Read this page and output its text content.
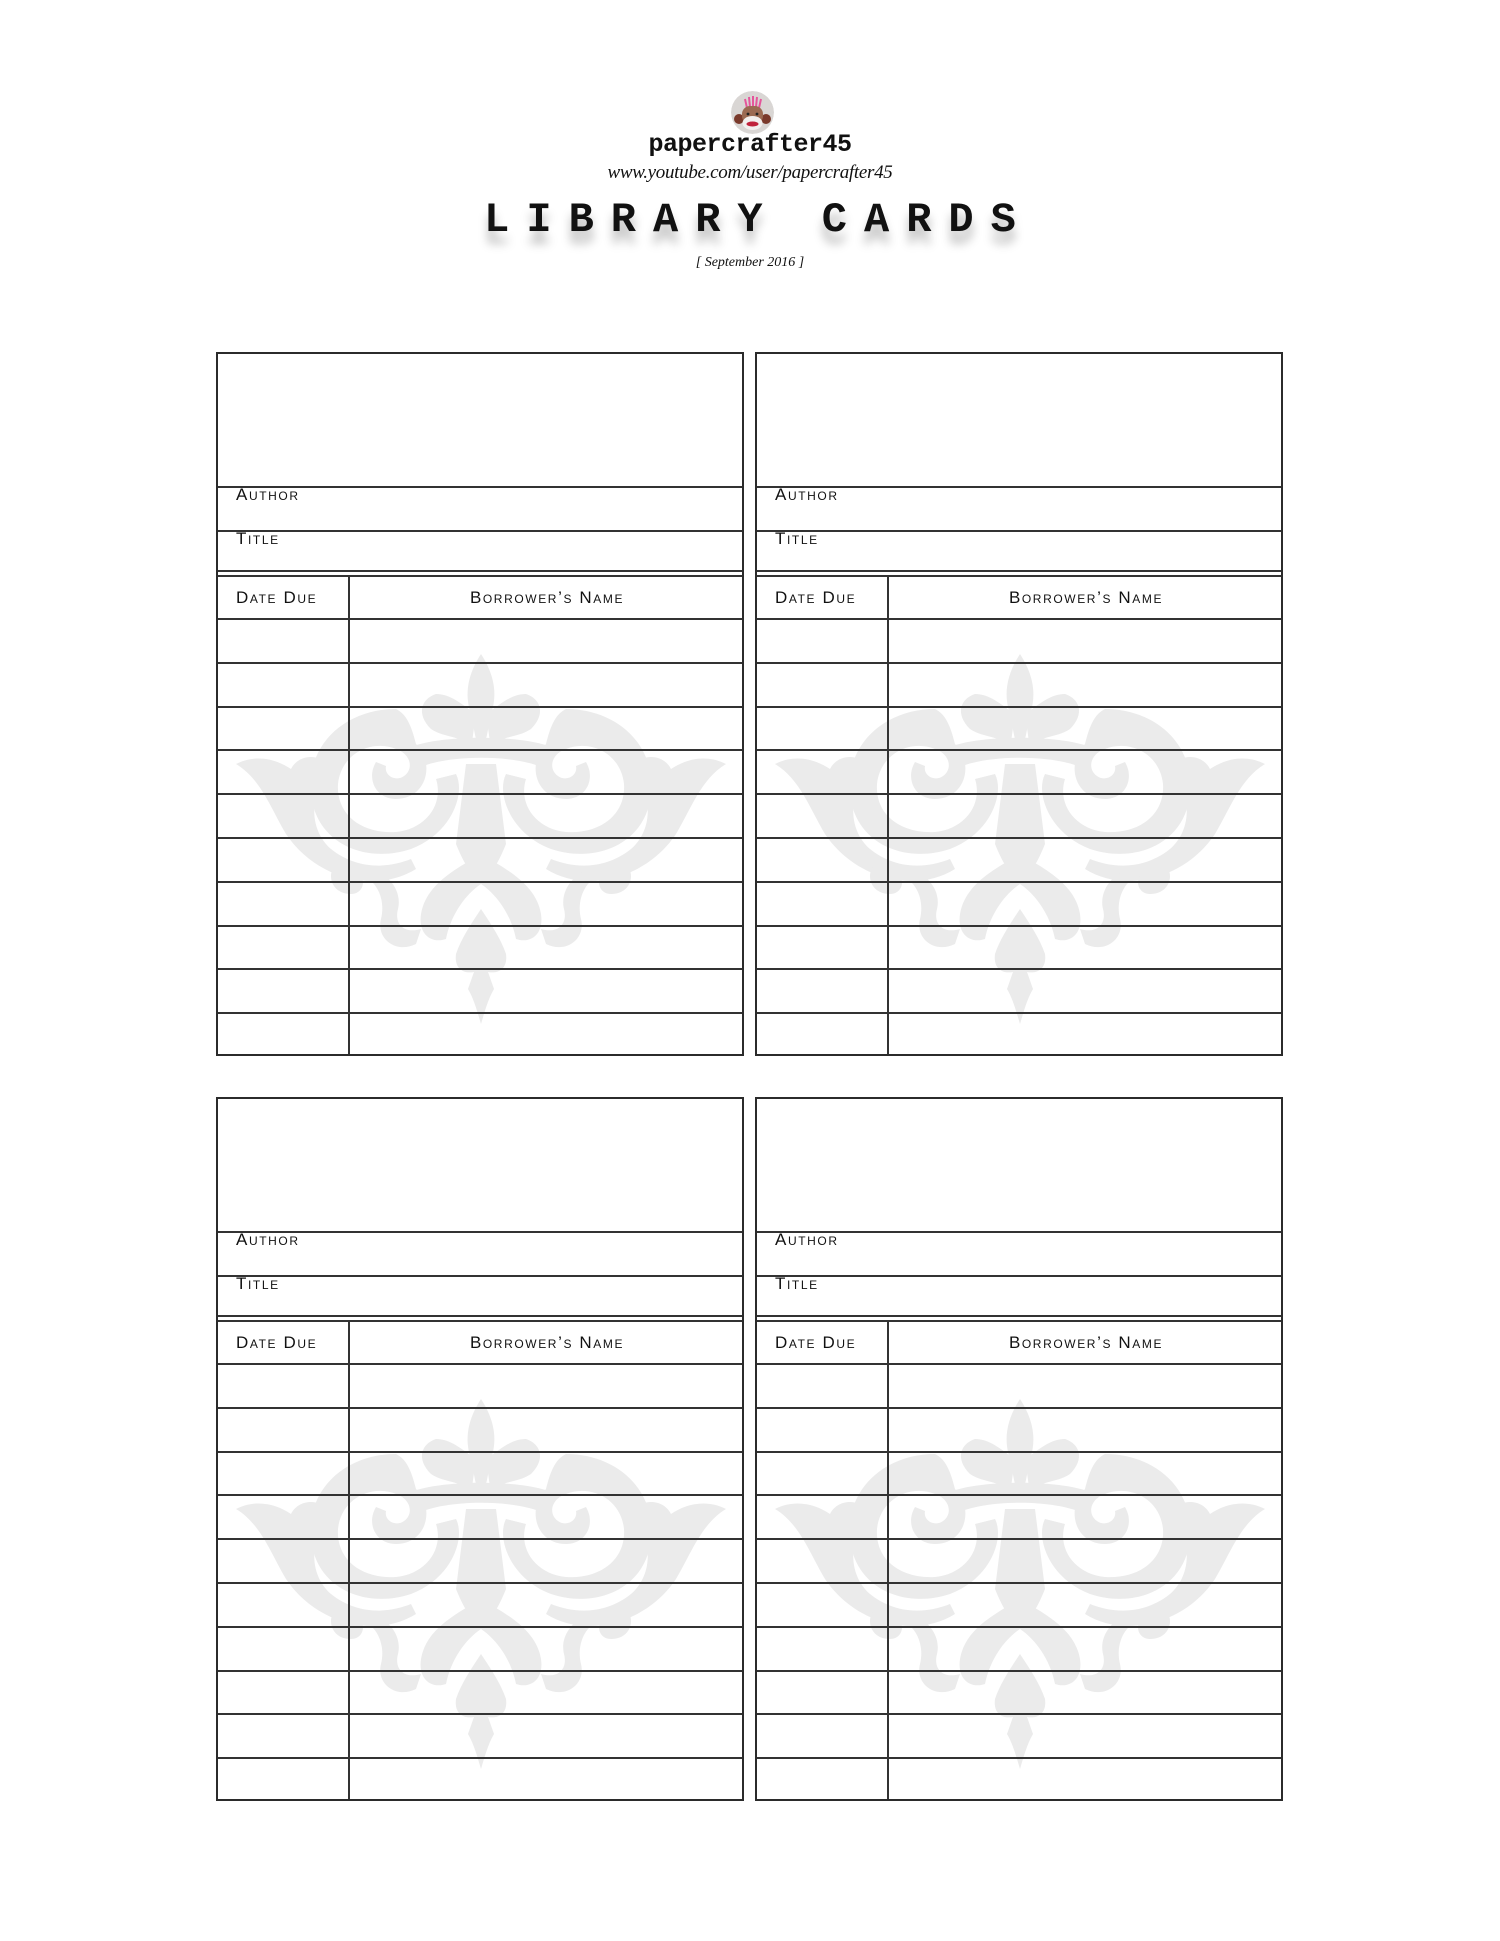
papercrafter45
www.youtube.com/user/papercrafter45
LIBRARY CARDS
[ September 2016 ]
Author
Title
Date Due	Borrower’s Name
Author
Title
Date Due	Borrower’s Name
Author
Title
Date Due	Borrower’s Name
Author
Title
Date Due	Borrower’s Name
